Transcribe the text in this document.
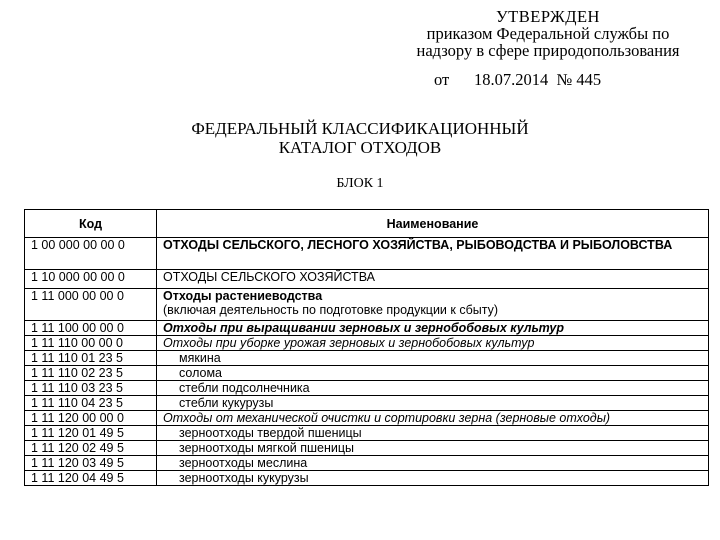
УТВЕРЖДЕН
приказом Федеральной службы по
надзору в сфере природопользования
от 18.07.2014 № 445
ФЕДЕРАЛЬНЫЙ КЛАССИФИКАЦИОННЫЙ
КАТАЛОГ ОТХОДОВ
БЛОК 1
Код	Наименование
1 00 000 00 00 0	ОТХОДЫ СЕЛЬСКОГО, ЛЕСНОГО ХОЗЯЙСТВА, РЫБОВОДСТВА И РЫБОЛОВСТВА
1 10 000 00 00 0	ОТХОДЫ СЕЛЬСКОГО ХОЗЯЙСТВА
1 11 000 00 00 0	Отходы растениеводства
(включая деятельность по подготовке продукции к сбыту)

1 11 100 00 00 0	Отходы при выращивании зерновых и зернобобовых культур
1 11 110 00 00 0	Отходы при уборке урожая зерновых и зернобобовых культур
1 11 110 01 23 5	мякина
1 11 110 02 23 5	солома
1 11 110 03 23 5	стебли подсолнечника
1 11 110 04 23 5	стебли кукурузы
1 11 120 00 00 0	Отходы от механической очистки и сортировки зерна (зерновые отходы)
1 11 120 01 49 5	зерноотходы твердой пшеницы
1 11 120 02 49 5	зерноотходы мягкой пшеницы
1 11 120 03 49 5	зерноотходы меслина
1 11 120 04 49 5	зерноотходы кукурузы
